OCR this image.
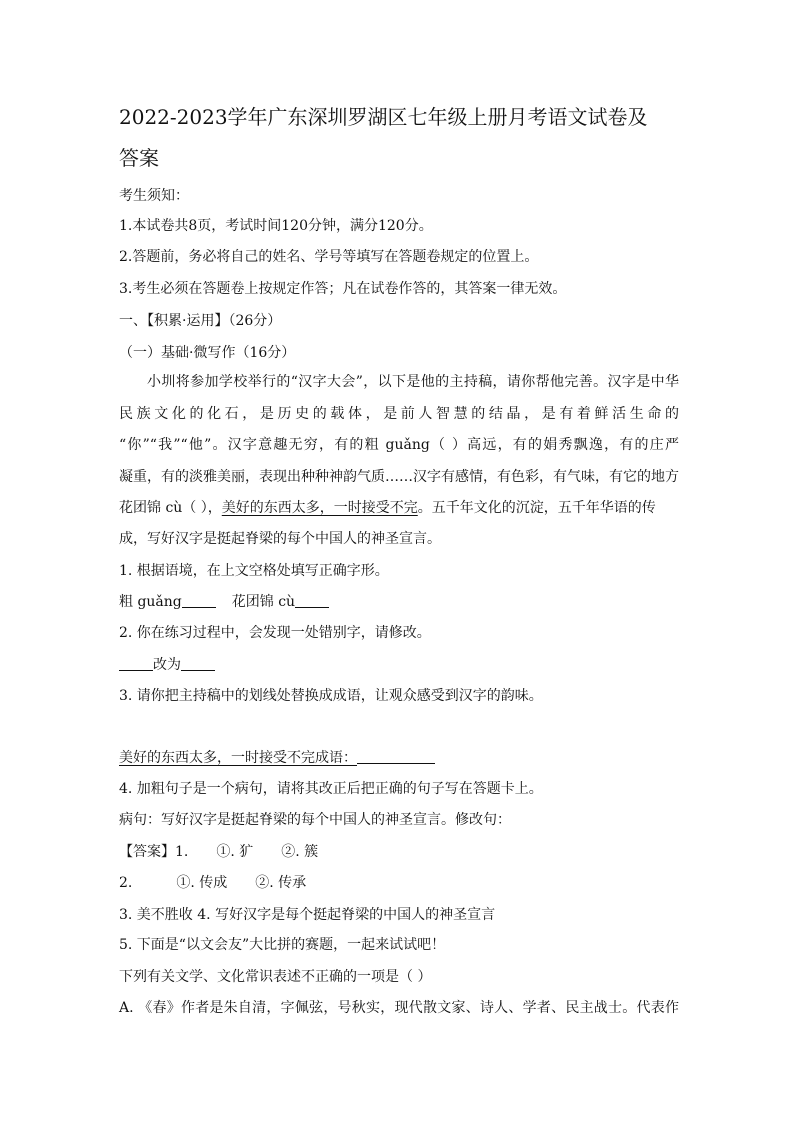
2022-2023学年广东深圳罗湖区七年级上册月考语文试卷及
答案
考生须知：
1.本试卷共8页，考试时间120分钟，满分120分。
2.答题前，务必将自己的姓名、学号等填写在答题卷规定的位置上。
3.考生必须在答题卷上按规定作答；凡在试卷作答的，其答案一律无效。
一、【积累·运用】（26分）
（一）基础·微写作（16分）
小圳将参加学校举行的“汉字大会”，以下是他的主持稿，请你帮他完善。汉字是中华
民族文化的化石，是历史的载体，是前人智慧的结晶，是有着鲜活生命的
“你”“我”“他”。汉字意趣无穷，有的粗 guǎng（ ）高远，有的娟秀飘逸，有的庄严
凝重，有的淡雅美丽，表现出种种神韵气质……汉字有感情，有色彩，有气味，有它的地方
花团锦 cù（ ），美好的东西太多，一时接受不完。五千年文化的沉淀，五千年华语的传
成，写好汉字是挺起脊梁的每个中国人的神圣宣言。
1. 根据语境，在上文空格处填写正确字形。
粗 guǎng	花团锦 cù
2. 你在练习过程中，会发现一处错别字，请修改。
改为
3. 请你把主持稿中的划线处替换成成语，让观众感受到汉字的韵味。
美好的东西太多，一时接受不完成语：
4. 加粗句子是一个病句，请将其改正后把正确的句子写在答题卡上。
病句：写好汉字是挺起脊梁的每个中国人的神圣宣言。修改句：
【答案】1. ①. 犷 ②. 簇
2.	①. 传成 ②. 传承
3. 美不胜收 4. 写好汉字是每个挺起脊梁的中国人的神圣宣言
5. 下面是“以文会友”大比拼的赛题，一起来试试吧！
下列有关文学、文化常识表述不正确的一项是（ ）
A. 《春》作者是朱自清，字佩弦，号秋实，现代散文家、诗人、学者、民主战士。代表作
